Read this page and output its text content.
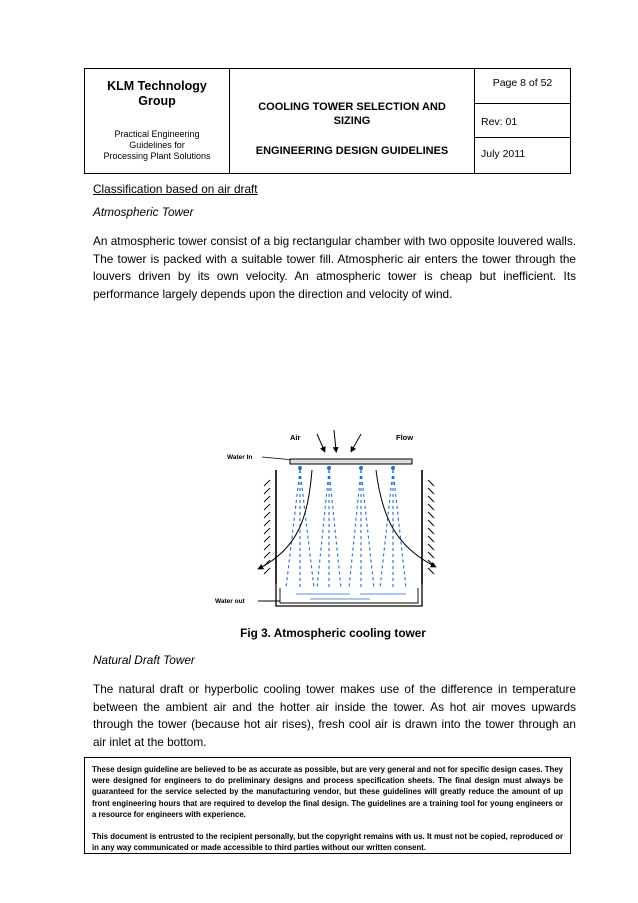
KLM Technology
Group
Practical Engineering
Guidelines for
Processing Plant Solutions
COOLING TOWER SELECTION AND
SIZING
ENGINEERING DESIGN GUIDELINES
Page 8 of 52
Rev: 01
July 2011
Classification based on air draft
Atmospheric Tower
An atmospheric tower consist of a big rectangular chamber with two opposite louvered walls. The tower is packed with a suitable tower fill. Atmospheric air enters the tower through the louvers driven by its own velocity. An atmospheric tower is cheap but inefficient. Its performance largely depends upon the direction and velocity of wind.
Air	Flow
Water In
Water out
Fig 3. Atmospheric cooling tower
Natural Draft Tower
The natural draft or hyperbolic cooling tower makes use of the difference in temperature between the ambient air and the hotter air inside the tower. As hot air moves upwards through the tower (because hot air rises), fresh cool air is drawn into the tower through an air inlet at the bottom.

These design guideline are believed to be as accurate as possible, but are very general and not for specific design cases. They were designed for engineers to do preliminary designs and process specification sheets. The final design must always be guaranteed for the service selected by the manufacturing vendor, but these guidelines will greatly reduce the amount of up front engineering hours that are required to develop the final design. The guidelines are a training tool for young engineers or a resource for engineers with experience.

This document is entrusted to the recipient personally, but the copyright remains with us. It must not be copied, reproduced or in any way communicated or made accessible to third parties without our written consent.
